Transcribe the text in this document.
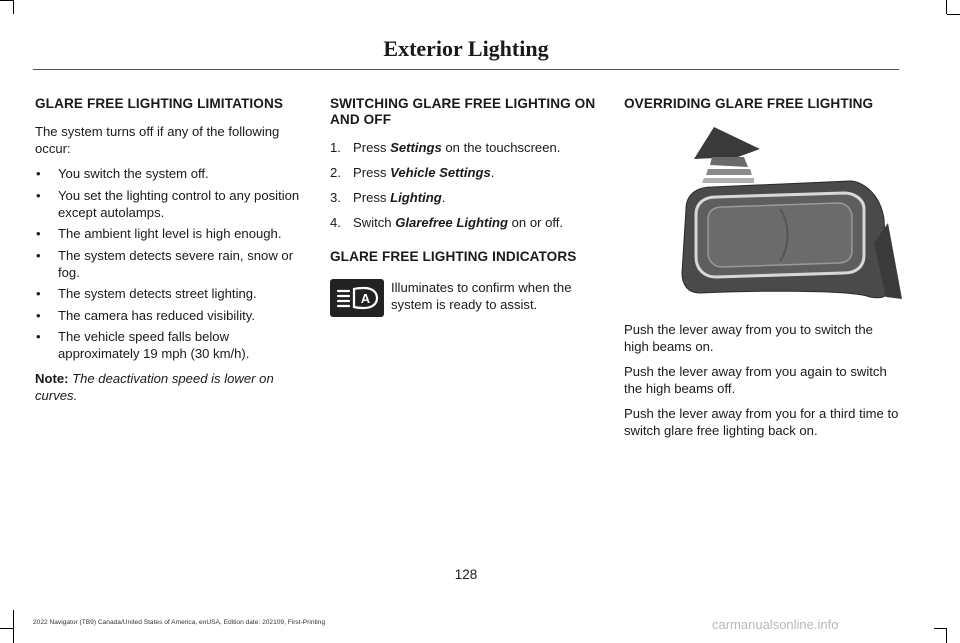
Exterior Lighting
GLARE FREE LIGHTING LIMITATIONS

The system turns off if any of the following occur:

• You switch the system off.
• You set the lighting control to any position except autolamps.
• The ambient light level is high enough.
• The system detects severe rain, snow or fog.
• The system detects street lighting.
• The camera has reduced visibility.
• The vehicle speed falls below approximately 19 mph (30 km/h).

Note: The deactivation speed is lower on curves.

SWITCHING GLARE FREE LIGHTING ON AND OFF
1. Press Settings on the touchscreen.
2. Press Vehicle Settings.
3. Press Lighting.
4. Switch Glarefree Lighting on or off.
GLARE FREE LIGHTING INDICATORS
A
Illuminates to confirm when the system is ready to assist.
OVERRIDING GLARE FREE LIGHTING

Push the lever away from you to switch the high beams on.

Push the lever away from you again to switch the high beams off.

Push the lever away from you for a third time to switch glare free lighting back on.

128
2022 Navigator (TB9) Canada/United States of America, enUSA, Edition date: 202109, First-Printing	carmanualsonline.info
